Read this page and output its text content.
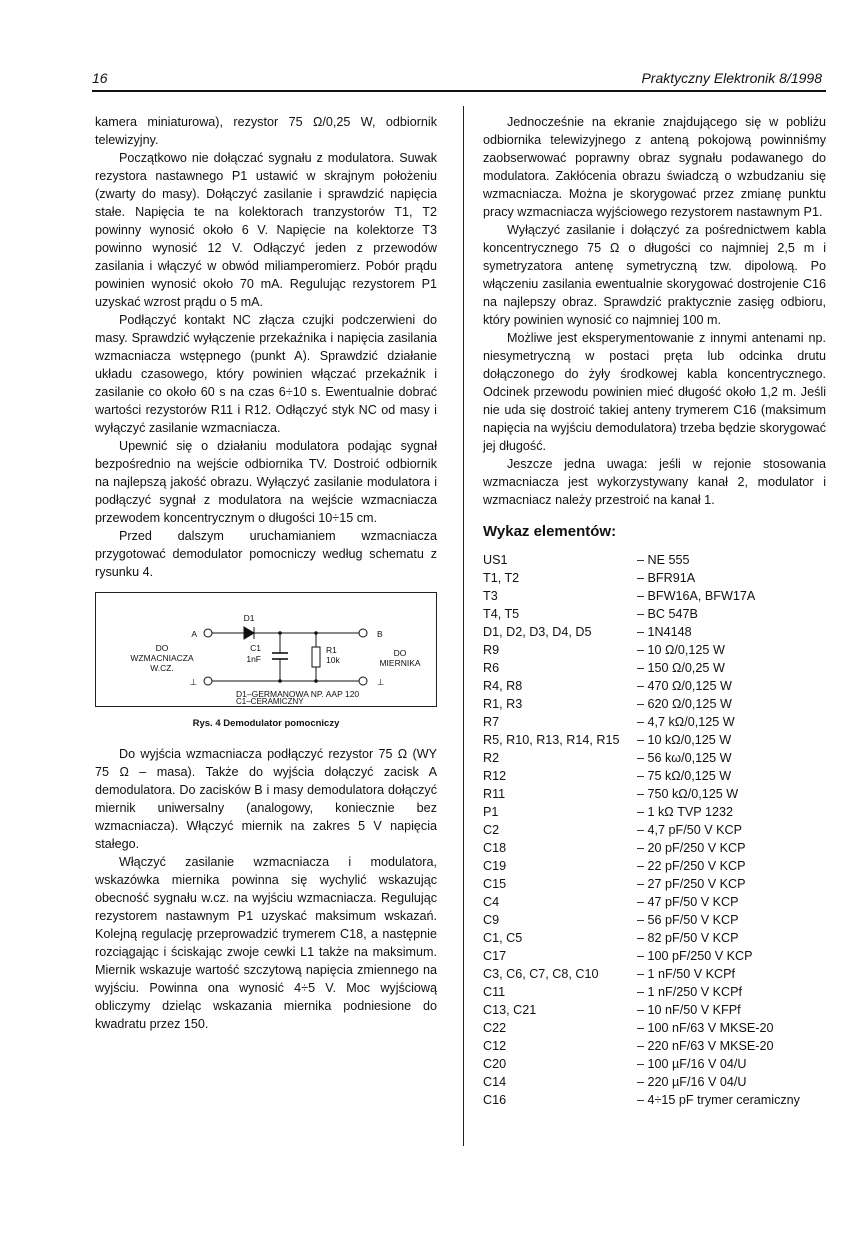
16	Praktyczny Elektronik 8/1998

kamera miniaturowa), rezystor 75 Ω/0,25 W, odbiornik telewizyjny.

Początkowo nie dołączać sygnału z modulatora. Suwak rezystora nastawnego P1 ustawić w skrajnym położeniu (zwarty do masy). Dołączyć zasilanie i sprawdzić napięcia stałe. Napięcia te na kolektorach tranzystorów T1, T2 powinny wynosić około 6 V. Napięcie na kolektorze T3 powinno wynosić 12 V. Odłączyć jeden z przewodów zasilania i włączyć w obwód miliamperomierz. Pobór prądu powinien wynosić około 70 mA. Regulując rezystorem P1 uzyskać wzrost prądu o 5 mA.

Podłączyć kontakt NC złącza czujki podczerwieni do masy. Sprawdzić wyłączenie przekaźnika i napięcia zasilania wzmacniacza wstępnego (punkt A). Sprawdzić działanie układu czasowego, który powinien włączać przekaźnik i zasilanie co około 60 s na czas 6÷10 s. Ewentualnie dobrać wartości rezystorów R11 i R12. Odłączyć styk NC od masy i wyłączyć zasilanie wzmacniacza.

Upewnić się o działaniu modulatora podając sygnał bezpośrednio na wejście odbiornika TV. Dostroić odbiornik na najlepszą jakość obrazu. Wyłączyć zasilanie modulatora i podłączyć sygnał z modulatora na wejście wzmacniacza przewodem koncentrycznym o długości 10÷15 cm.

Przed dalszym uruchamianiem wzmacniacza przygotować demodulator pomocniczy według schematu z rysunku 4.

A	B
⊥	⊥
D1
C1
1nF
R1
10k
DO
WZMACNIACZA
W.CZ.
DO
MIERNIKA
D1–GERMANOWA NP. AAP 120
C1–CERAMICZNY
Rys. 4 Demodulator pomocniczy

Do wyjścia wzmacniacza podłączyć rezystor 75 Ω (WY 75 Ω – masa). Także do wyjścia dołączyć zacisk A demodulatora. Do zacisków B i masy demodulatora dołączyć miernik uniwersalny (analogowy, koniecznie bez wzmacniacza). Włączyć miernik na zakres 5 V napięcia stałego.

Włączyć zasilanie wzmacniacza i modulatora, wskazówka miernika powinna się wychylić wskazując obecność sygnału w.cz. na wyjściu wzmacniacza. Regulując rezystorem nastawnym P1 uzyskać maksimum wskazań. Kolejną regulację przeprowadzić trymerem C18, a następnie rozciągając i ściskając zwoje cewki L1 także na maksimum. Miernik wskazuje wartość szczytową napięcia zmiennego na wyjściu. Powinna ona wynosić 4÷5 V. Moc wyjściową obliczymy dzieląc wskazania miernika podniesione do kwadratu przez 150.

Jednocześnie na ekranie znajdującego się w pobliżu odbiornika telewizyjnego z anteną pokojową powinniśmy zaobserwować poprawny obraz sygnału podawanego do modulatora. Zakłócenia obrazu świadczą o wzbudzaniu się wzmacniacza. Można je skorygować przez zmianę punktu pracy wzmacniacza wyjściowego rezystorem nastawnym P1.

Wyłączyć zasilanie i dołączyć za pośrednictwem kabla koncentrycznego 75 Ω o długości co najmniej 2,5 m i symetryzatora antenę symetryczną tzw. dipolową. Po włączeniu zasilania ewentualnie skorygować dostrojenie C16 na najlepszy obraz. Sprawdzić praktycznie zasięg odbioru, który powinien wynosić co najmniej 100 m.

Możliwe jest eksperymentowanie z innymi antenami np. niesymetryczną w postaci pręta lub odcinka drutu dołączonego do żyły środkowej kabla koncentrycznego. Odcinek przewodu powinien mieć długość około 1,2 m. Jeśli nie uda się dostroić takiej anteny trymerem C16 (maksimum napięcia na wyjściu demodulatora) trzeba będzie skorygować jej długość.

Jeszcze jedna uwaga: jeśli w rejonie stosowania wzmacniacza jest wykorzystywany kanał 2, modulator i wzmacniacz należy przestroić na kanał 1.

Wykaz elementów:
US1	– NE 555
T1, T2	– BFR91A
T3	– BFW16A, BFW17A
T4, T5	– BC 547B
D1, D2, D3, D4, D5	– 1N4148
R9	– 10 Ω/0,125 W
R6	– 150 Ω/0,25 W
R4, R8	– 470 Ω/0,125 W
R1, R3	– 620 Ω/0,125 W
R7	– 4,7 kΩ/0,125 W
R5, R10, R13, R14, R15 – 10 kΩ/0,125 W
R2	– 56 kω/0,125 W
R12	– 75 kΩ/0,125 W
R11	– 750 kΩ/0,125 W
P1	– 1 kΩ TVP 1232
C2	– 4,7 pF/50 V KCP
C18	– 20 pF/250 V KCP
C19	– 22 pF/250 V KCP
C15	– 27 pF/250 V KCP
C4	– 47 pF/50 V KCP
C9	– 56 pF/50 V KCP
C1, C5	– 82 pF/50 V KCP
C17	– 100 pF/250 V KCP
C3, C6, C7, C8, C10	– 1 nF/50 V KCPf
C11	– 1 nF/250 V KCPf
C13, C21	– 10 nF/50 V KFPf
C22	– 100 nF/63 V MKSE-20
C12	– 220 nF/63 V MKSE-20
C20	– 100 µF/16 V 04/U
C14	– 220 µF/16 V 04/U
C16	– 4÷15 pF trymer ceramiczny
